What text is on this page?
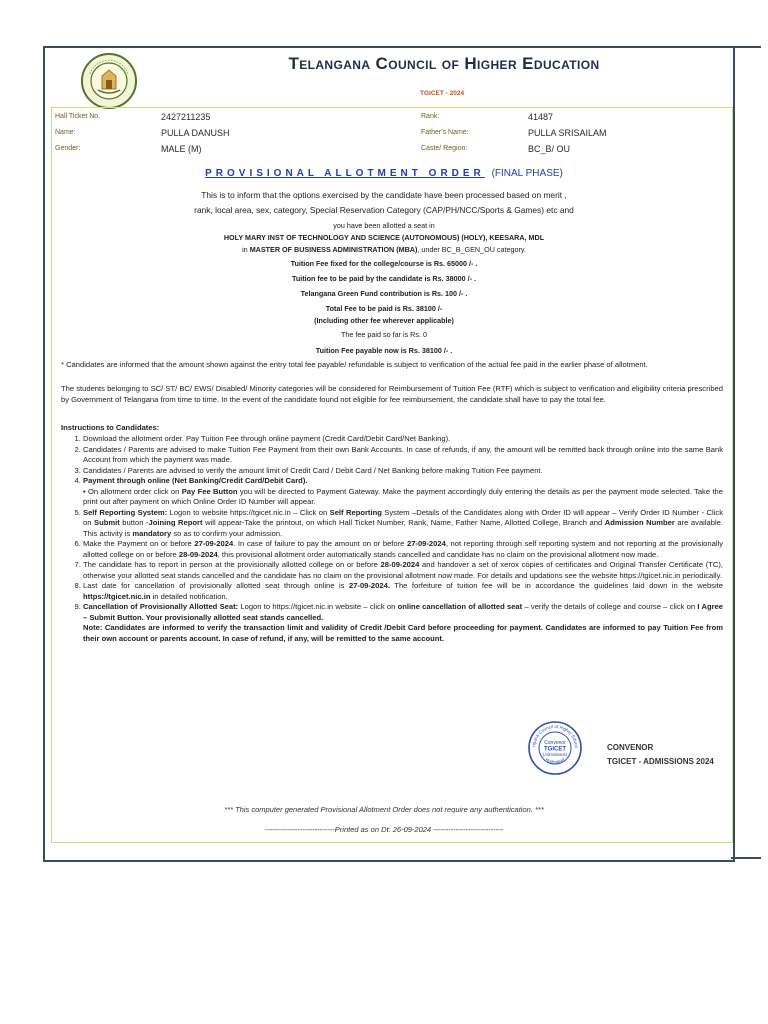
Telangana Council of Higher Education
TGICET - 2024
Hall Ticket No.	2427211235	Rank:	41487
Name:	PULLA DANUSH	Father's Name:	PULLA SRISAILAM
Gender:	MALE (M)	Caste/ Region:	BC_B/ OU
PROVISIONAL ALLOTMENT ORDER (FINAL PHASE)
This is to inform that the options exercised by the candidate have been processed based on merit ,
rank, local area, sex, category, Special Reservation Category (CAP/PH/NCC/Sports & Games) etc and
you have been allotted a seat in
HOLY MARY INST OF TECHNOLOGY AND SCIENCE (AUTONOMOUS) (HOLY), KEESARA, MDL
in MASTER OF BUSINESS ADMINISTRATION (MBA), under BC_B_GEN_OU category.
Tuition Fee fixed for the college/course is Rs. 65000 /- .
Tuition fee to be paid by the candidate is Rs. 38000 /- .
Telangana Green Fund contribution is Rs. 100 /- .
Total Fee to be paid is Rs. 38100 /-
(Including other fee wherever applicable)
The fee paid so far is Rs. 0
Tuition Fee payable now is Rs. 38100 /- .
* Candidates are informed that the amount shown against the entry total fee payable/ refundable is subject to verification of the actual fee paid in the earlier phase of allotment.
The students belonging to SC/ ST/ BC/ EWS/ Disabled/ Minority categories will be considered for Reimbursement of Tuition Fee (RTF) which is subject to verification and eligibility criteria prescribed by Government of Telangana from time to time. In the event of the candidate found not eligible for fee reimbursement, the candidate shall have to pay the total fee.
Instructions to Candidates:
1. Download the allotment order. Pay Tuition Fee through online payment (Credit Card/Debit Card/Net Banking).
2. Candidates / Parents are advised to make Tuition Fee Payment from their own Bank Accounts. In case of refunds, if any, the amount will be remitted back through online into the same Bank Account from which the payment was made.
3. Candidates / Parents are advised to verify the amount limit of Credit Card / Debit Card / Net Banking before making Tuition Fee payment.
4. Payment through online (Net Banking/Credit Card/Debit Card).
• On allotment order click on Pay Fee Button you will be directed to Payment Gateway. Make the payment accordingly duly entering the details as per the payment mode selected. Take the print out after payment on which Online Order ID Number will appear.
5. Self Reporting System: Logon to website https://tgicet.nic.in – Click on Self Reporting System –Details of the Candidates along with Order ID will appear – Verify Order ID Number - Click on Submit button -Joining Report will appear-Take the printout, on which Hall Ticket Number, Rank, Name, Father Name, Allotted College, Branch and Admission Number are available. This activity is mandatory so as to confirm your admission.
6. Make the Payment on or before 27-09-2024. In case of failure to pay the amount on or before 27-09-2024, not reporting through self reporting system and not reporting at the provisionally allotted college on or before 28-09-2024, this provisional allotment order automatically stands cancelled and candidate has no claim on the provisional allotment now made.
7. The candidate has to report in person at the provisionally allotted college on or before 28-09-2024 and handover a set of xerox copies of certificates and Original Transfer Certificate (TC), otherwise your allotted seat stands cancelled and the candidate has no claim on the provisional allotment now made. For details and updations see the website https://tgicet.nic.in periodically.
8. Last date for cancellation of provisionally allotted seat through online is 27-09-2024. The forfeiture of tuition fee will be in accordance the guidelines laid down in the website https://tgicet.nic.in in detailed notification.
9. Cancellation of Provisionally Allotted Seat: Logon to https://tgicet.nic.in website – click on online cancellation of allotted seat – verify the details of college and course – click on I Agree – Submit Button. Your provisionally allotted seat stands cancelled.
Note: Candidates are informed to verify the transaction limit and validity of Credit /Debit Card before proceeding for payment. Candidates are informed to pay Tuition Fee from their own account or parents account. In case of refund, if any, will be remitted to the same account.
ngana Council of Higher Educa
Convenor
TGICET
(Admissions)
Hyderabad
CONVENOR
TGICET - ADMISSIONS 2024
*** This computer generated Provisional Allotment Order does not require any authentication. ***
----------------------------Printed as on Dt: 26-09-2024 ----------------------------
